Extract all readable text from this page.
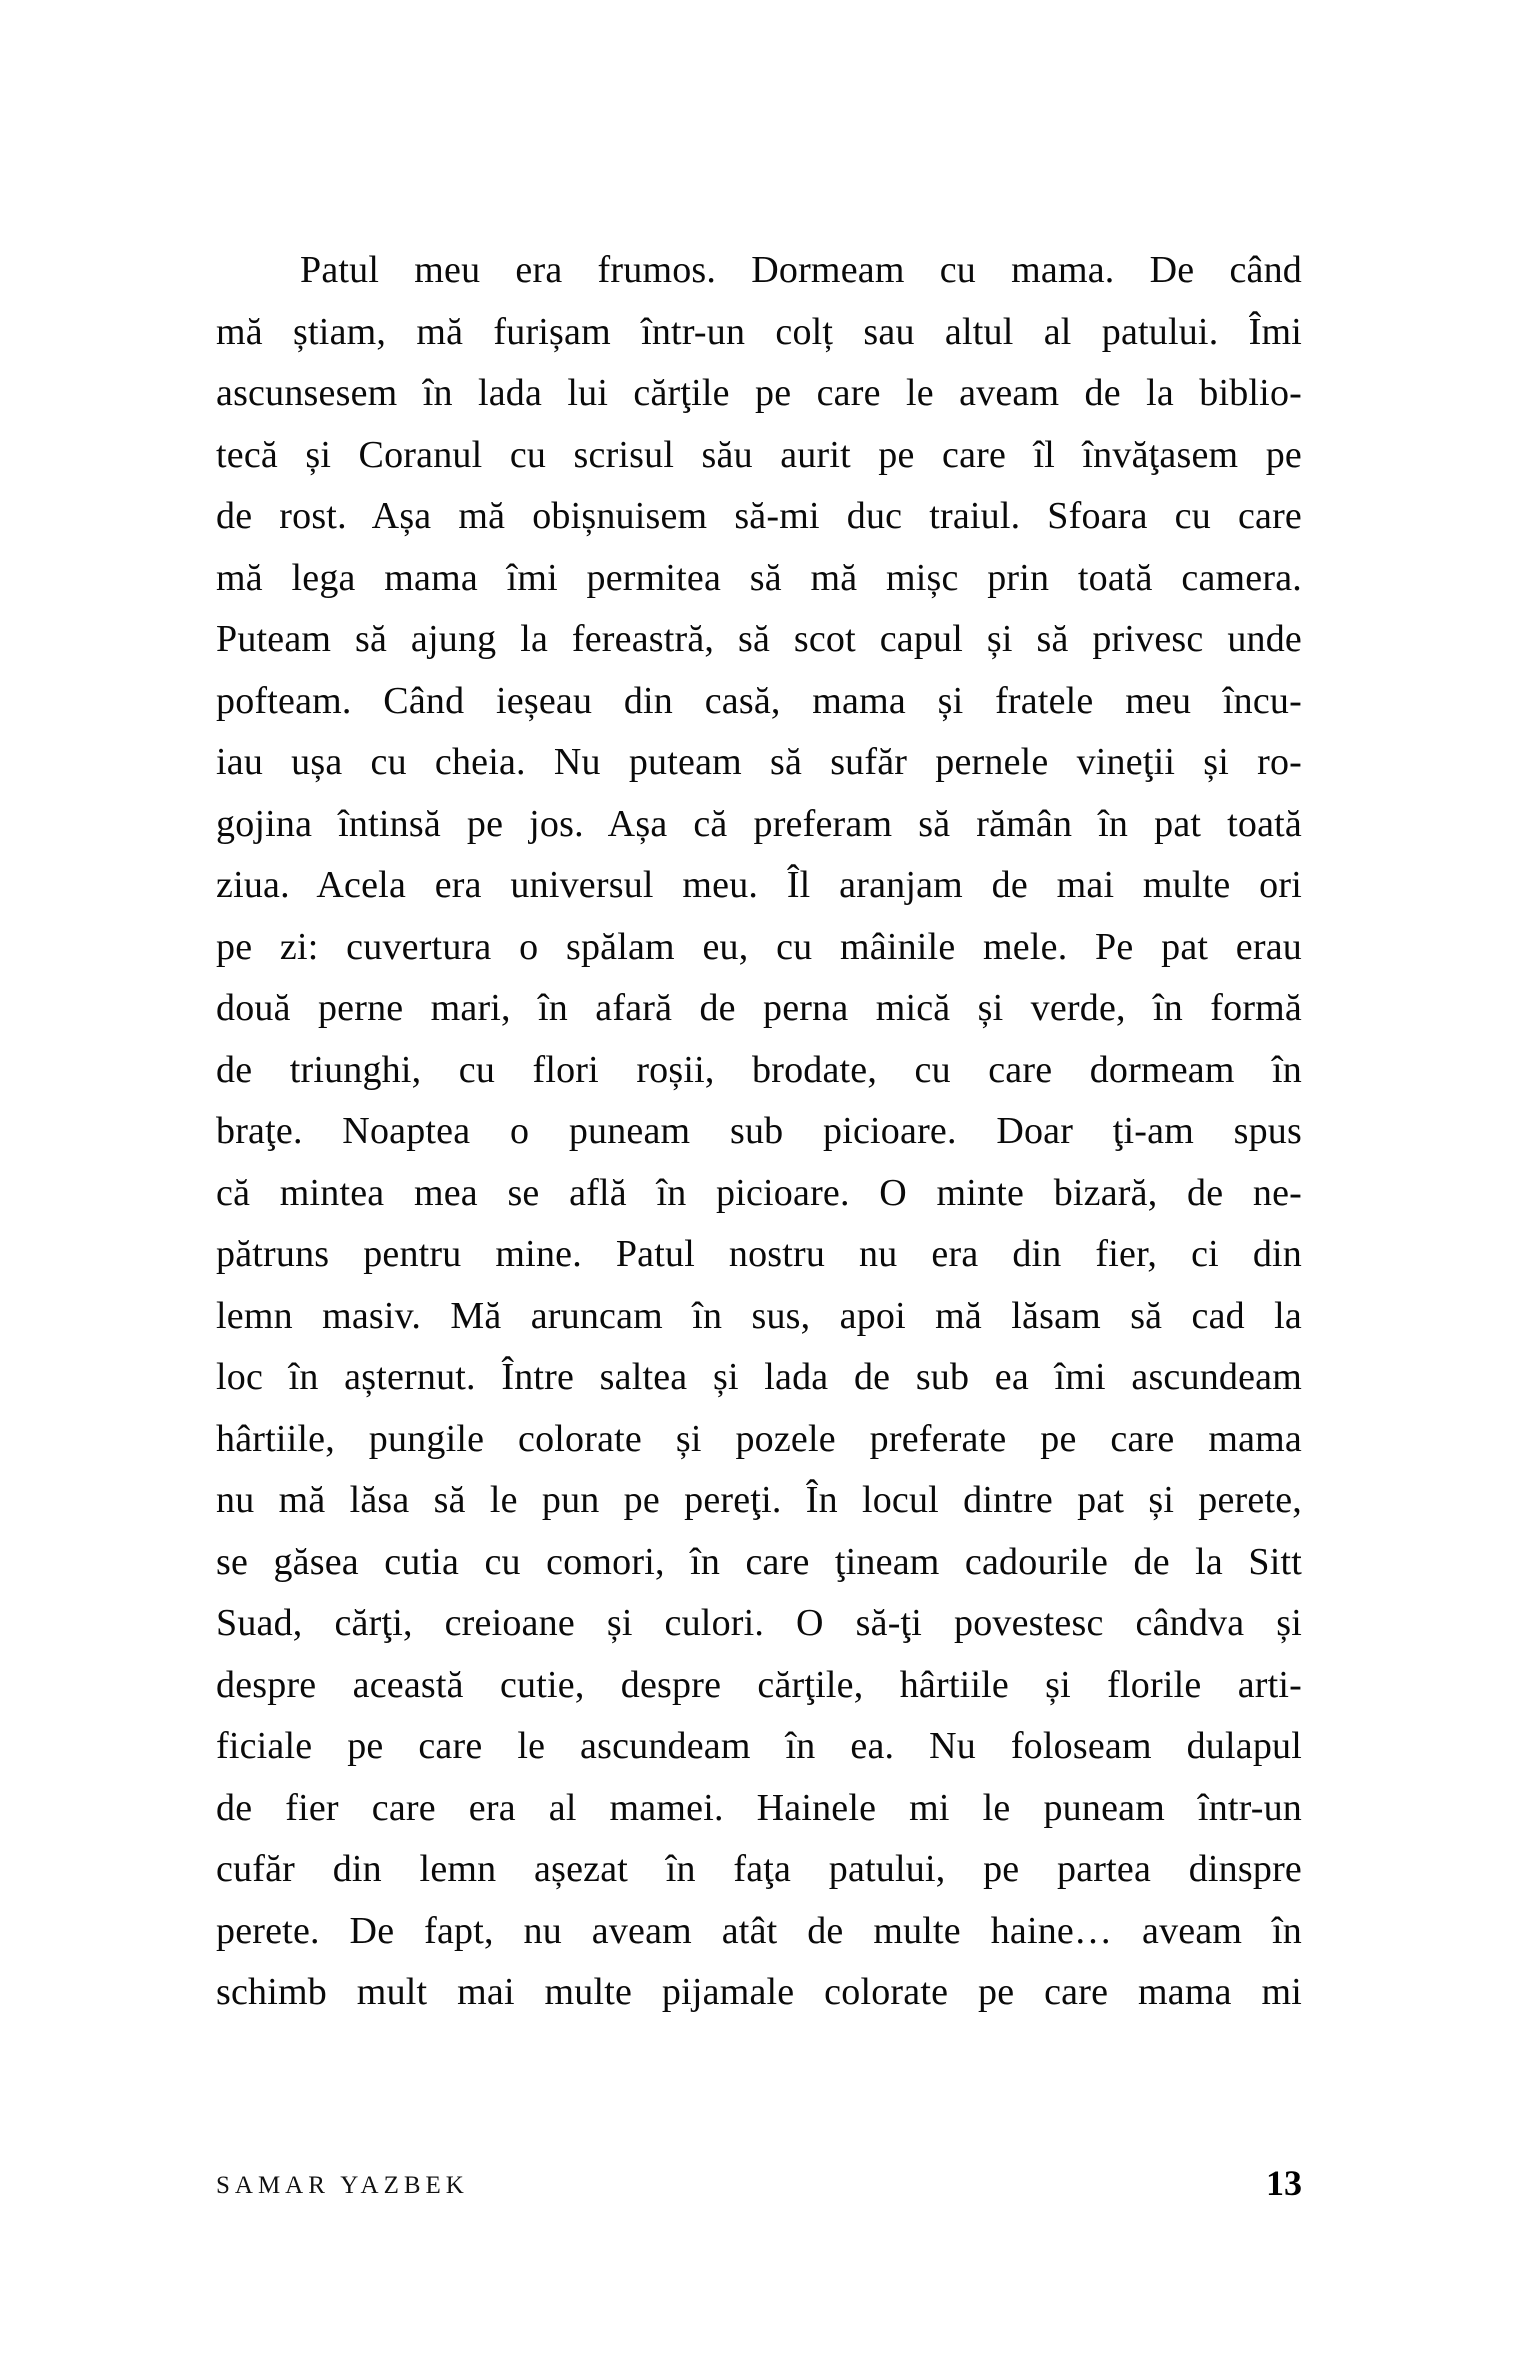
Patul meu era frumos. Dormeam cu mama. De când
mă știam, mă furișam într-un colț sau altul al patului. Îmi
ascunsesem în lada lui cărţile pe care le aveam de la biblio-
tecă și Coranul cu scrisul său aurit pe care îl învăţasem pe
de rost. Așa mă obișnuisem să-mi duc traiul. Sfoara cu care
mă lega mama îmi permitea să mă mișc prin toată camera.
Puteam să ajung la fereastră, să scot capul și să privesc unde
pofteam. Când ieșeau din casă, mama și fratele meu încu-
iau ușa cu cheia. Nu puteam să sufăr pernele vineţii și ro-
gojina întinsă pe jos. Așa că preferam să rămân în pat toată
ziua. Acela era universul meu. Îl aranjam de mai multe ori
pe zi: cuvertura o spălam eu, cu mâinile mele. Pe pat erau
două perne mari, în afară de perna mică și verde, în formă
de triunghi, cu flori roșii, brodate, cu care dormeam în
braţe. Noaptea o puneam sub picioare. Doar ţi-am spus
că mintea mea se află în picioare. O minte bizară, de ne-
pătruns pentru mine. Patul nostru nu era din fier, ci din
lemn masiv. Mă aruncam în sus, apoi mă lăsam să cad la
loc în așternut. Între saltea și lada de sub ea îmi ascundeam
hârtiile, pungile colorate și pozele preferate pe care mama
nu mă lăsa să le pun pe pereţi. În locul dintre pat și perete,
se găsea cutia cu comori, în care ţineam cadourile de la Sitt
Suad, cărţi, creioane și culori. O să-ţi povestesc cândva și
despre această cutie, despre cărţile, hârtiile și florile arti-
ficiale pe care le ascundeam în ea. Nu foloseam dulapul
de fier care era al mamei. Hainele mi le puneam într-un
cufăr din lemn așezat în faţa patului, pe partea dinspre
perete. De fapt, nu aveam atât de multe haine… aveam în
schimb mult mai multe pijamale colorate pe care mama mi
SAMAR YAZBEK	13
